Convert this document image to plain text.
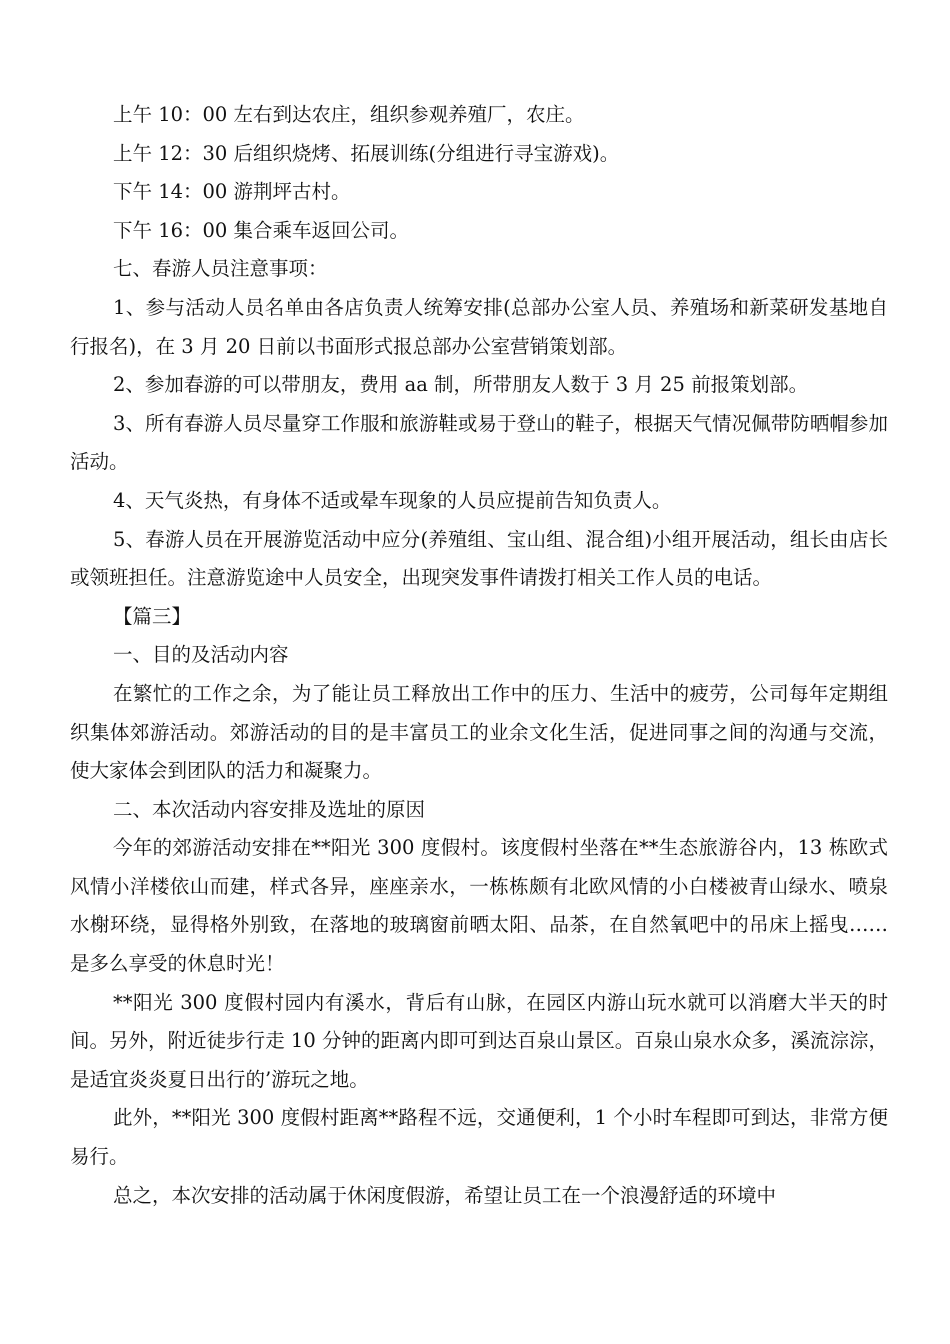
上午 10：00 左右到达农庄，组织参观养殖厂，农庄。

上午 12：30 后组织烧烤、拓展训练(分组进行寻宝游戏)。

下午 14：00 游荆坪古村。

下午 16：00 集合乘车返回公司。

七、春游人员注意事项：

1、参与活动人员名单由各店负责人统筹安排(总部办公室人员、养殖场和新菜研发基地自行报名)，在 3 月 20 日前以书面形式报总部办公室营销策划部。

2、参加春游的可以带朋友，费用 aa 制，所带朋友人数于 3 月 25 前报策划部。

3、所有春游人员尽量穿工作服和旅游鞋或易于登山的鞋子，根据天气情况佩带防晒帽参加活动。

4、天气炎热，有身体不适或晕车现象的人员应提前告知负责人。

5、春游人员在开展游览活动中应分(养殖组、宝山组、混合组)小组开展活动，组长由店长或领班担任。注意游览途中人员安全，出现突发事件请拨打相关工作人员的电话。

【篇三】

一、目的及活动内容

在繁忙的工作之余，为了能让员工释放出工作中的压力、生活中的疲劳，公司每年定期组织集体郊游活动。郊游活动的目的是丰富员工的业余文化生活，促进同事之间的沟通与交流，使大家体会到团队的活力和凝聚力。

二、本次活动内容安排及选址的原因

今年的郊游活动安排在**阳光 300 度假村。该度假村坐落在**生态旅游谷内，13 栋欧式风情小洋楼依山而建，样式各异，座座亲水，一栋栋颇有北欧风情的小白楼被青山绿水、喷泉水榭环绕，显得格外别致，在落地的玻璃窗前晒太阳、品茶，在自然氧吧中的吊床上摇曳……是多么享受的休息时光！

**阳光 300 度假村园内有溪水，背后有山脉，在园区内游山玩水就可以消磨大半天的时间。另外，附近徒步行走 10 分钟的距离内即可到达百泉山景区。百泉山泉水众多，溪流淙淙，是适宜炎炎夏日出行的’游玩之地。

此外，**阳光 300 度假村距离**路程不远，交通便利，1 个小时车程即可到达，非常方便易行。

总之，本次安排的活动属于休闲度假游，希望让员工在一个浪漫舒适的环境中
